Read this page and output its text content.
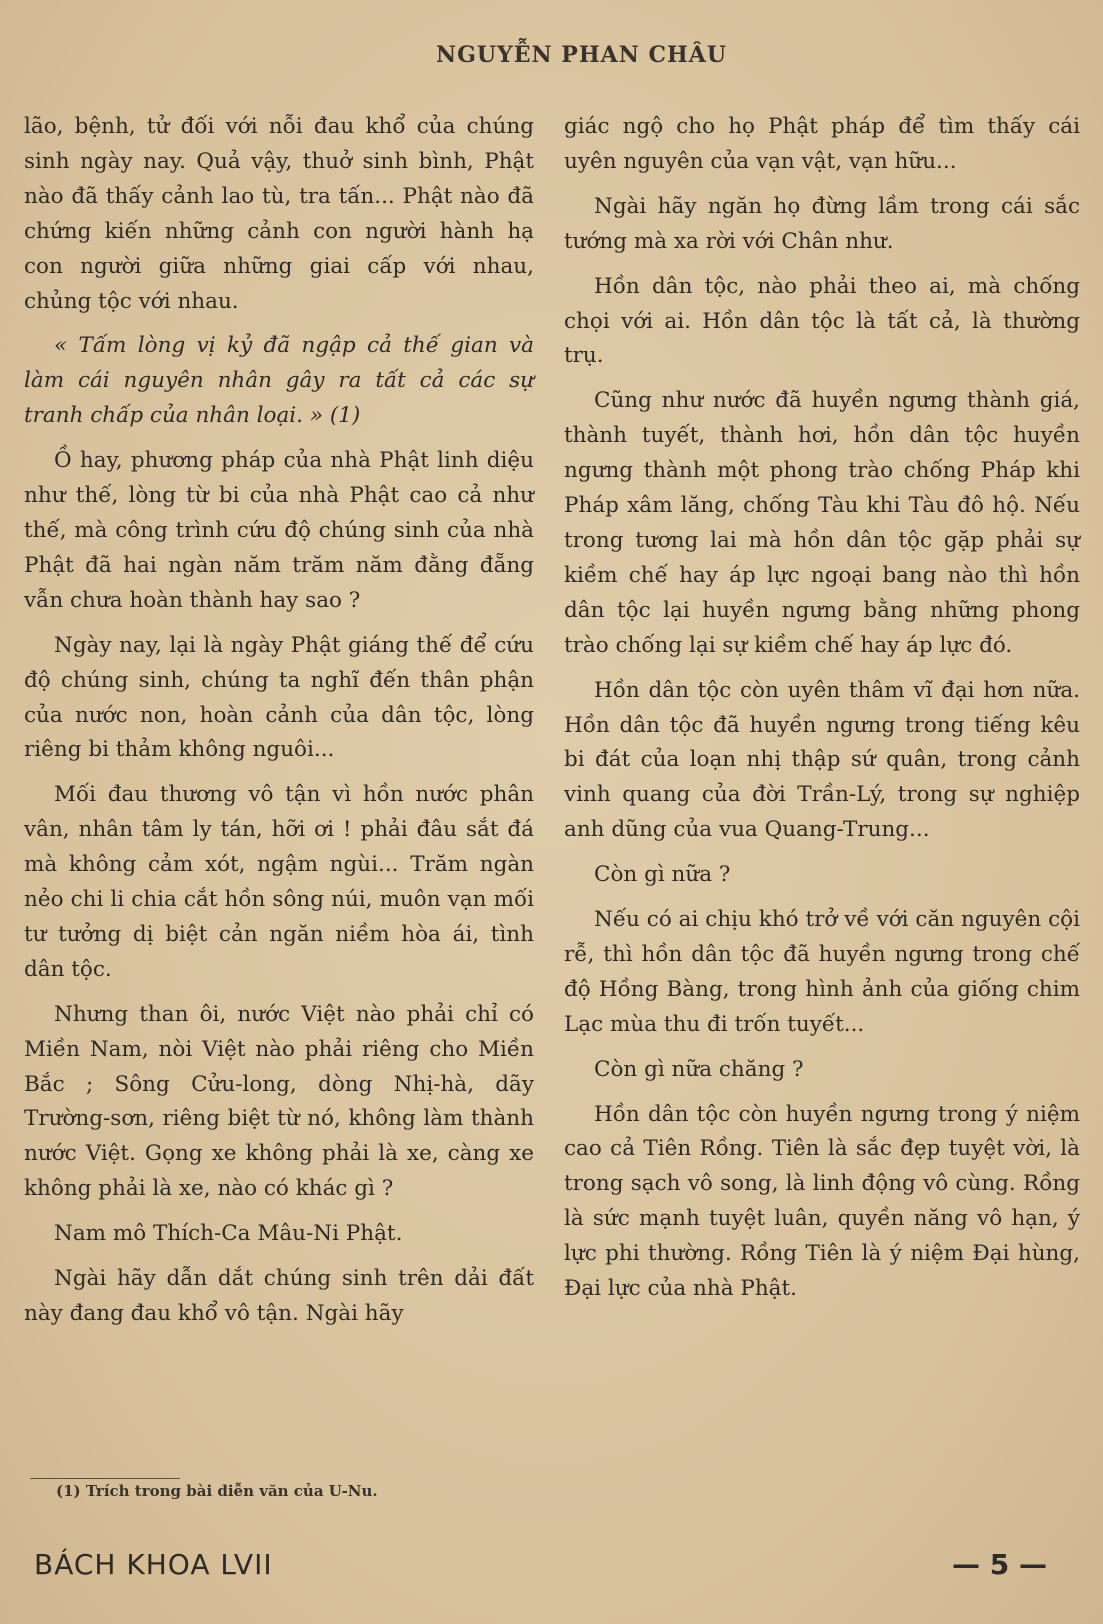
NGUYỄN PHAN CHÂU

lão, bệnh, tử đối với nỗi đau khổ của chúng sinh ngày nay. Quả vậy, thuở sinh bình, Phật nào đã thấy cảnh lao tù, tra tấn... Phật nào đã chứng kiến những cảnh con người hành hạ con người giữa những giai cấp với nhau, chủng tộc với nhau.

« Tấm lòng vị kỷ đã ngập cả thế gian và làm cái nguyên nhân gây ra tất cả các sự tranh chấp của nhân loại. » (1)

Ồ hay, phương pháp của nhà Phật linh diệu như thế, lòng từ bi của nhà Phật cao cả như thế, mà công trình cứu độ chúng sinh của nhà Phật đã hai ngàn năm trăm năm đằng đẵng vẫn chưa hoàn thành hay sao ?

Ngày nay, lại là ngày Phật giáng thế để cứu độ chúng sinh, chúng ta nghĩ đến thân phận của nước non, hoàn cảnh của dân tộc, lòng riêng bi thảm không nguôi...

Mối đau thương vô tận vì hồn nước phân vân, nhân tâm ly tán, hỡi ơi ! phải đâu sắt đá mà không cảm xót, ngậm ngùi... Trăm ngàn nẻo chi li chia cắt hồn sông núi, muôn vạn mối tư tưởng dị biệt cản ngăn niềm hòa ái, tình dân tộc.

Nhưng than ôi, nước Việt nào phải chỉ có Miền Nam, nòi Việt nào phải riêng cho Miền Bắc ; Sông Cửu-long, dòng Nhị-hà, dãy Trường-sơn, riêng biệt từ nó, không làm thành nước Việt. Gọng xe không phải là xe, càng xe không phải là xe, nào có khác gì ?

Nam mô Thích-Ca Mâu-Ni Phật.

Ngài hãy dẫn dắt chúng sinh trên dải đất này đang đau khổ vô tận. Ngài hãy

(1) Trích trong bài diễn văn của U-Nu.

giác ngộ cho họ Phật pháp để tìm thấy cái uyên nguyên của vạn vật, vạn hữu...

Ngài hãy ngăn họ đừng lầm trong cái sắc tướng mà xa rời với Chân như.

Hồn dân tộc, nào phải theo ai, mà chống chọi với ai. Hồn dân tộc là tất cả, là thường trụ.

Cũng như nước đã huyền ngưng thành giá, thành tuyết, thành hơi, hồn dân tộc huyền ngưng thành một phong trào chống Pháp khi Pháp xâm lăng, chống Tàu khi Tàu đô hộ. Nếu trong tương lai mà hồn dân tộc gặp phải sự kiềm chế hay áp lực ngoại bang nào thì hồn dân tộc lại huyền ngưng bằng những phong trào chống lại sự kiềm chế hay áp lực đó.

Hồn dân tộc còn uyên thâm vĩ đại hơn nữa. Hồn dân tộc đã huyền ngưng trong tiếng kêu bi đát của loạn nhị thập sứ quân, trong cảnh vinh quang của đời Trần-Lý, trong sự nghiệp anh dũng của vua Quang-Trung...

Còn gì nữa ?

Nếu có ai chịu khó trở về với căn nguyên cội rễ, thì hồn dân tộc đã huyền ngưng trong chế độ Hồng Bàng, trong hình ảnh của giống chim Lạc mùa thu đi trốn tuyết...

Còn gì nữa chăng ?

Hồn dân tộc còn huyền ngưng trong ý niệm cao cả Tiên Rồng. Tiên là sắc đẹp tuyệt vời, là trong sạch vô song, là linh động vô cùng. Rồng là sức mạnh tuyệt luân, quyền năng vô hạn, ý lực phi thường. Rồng Tiên là ý niệm Đại hùng, Đại lực của nhà Phật.

BÁCH KHOA LVII	— 5 —
